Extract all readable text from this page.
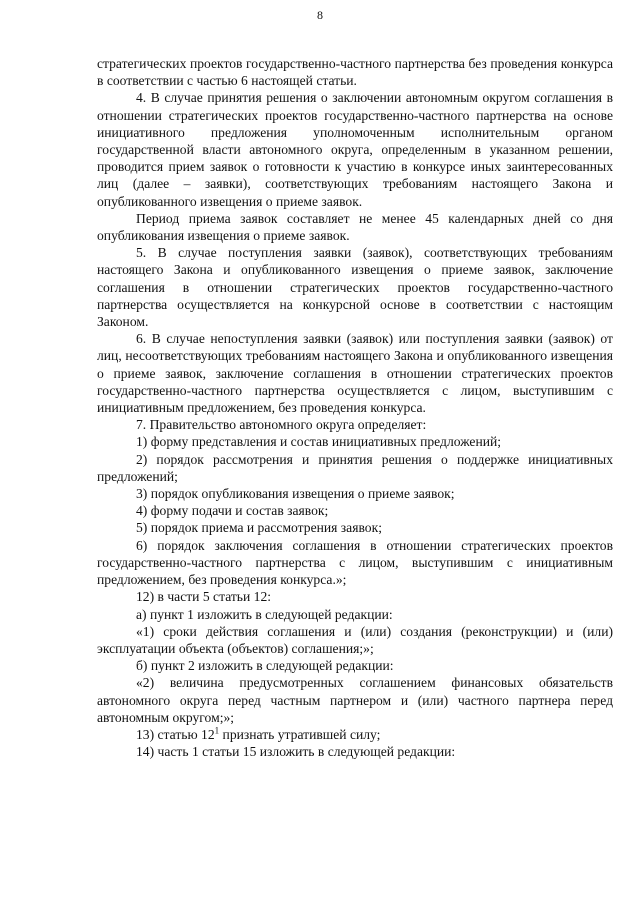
8

стратегических проектов государственно-частного партнерства без проведения конкурса в соответствии с частью 6 настоящей статьи.

4. В случае принятия решения о заключении автономным округом соглашения в отношении стратегических проектов государственно-частного партнерства на основе инициативного предложения уполномоченным исполнительным органом государственной власти автономного округа, определенным в указанном решении, проводится прием заявок о готовности к участию в конкурсе иных заинтересованных лиц (далее – заявки), соответствующих требованиям настоящего Закона и опубликованного извещения о приеме заявок.

Период приема заявок составляет не менее 45 календарных дней со дня опубликования извещения о приеме заявок.

5. В случае поступления заявки (заявок), соответствующих требованиям настоящего Закона и опубликованного извещения о приеме заявок, заключение соглашения в отношении стратегических проектов государственно-частного партнерства осуществляется на конкурсной основе в соответствии с настоящим Законом.

6. В случае непоступления заявки (заявок) или поступления заявки (заявок) от лиц, несоответствующих требованиям настоящего Закона и опубликованного извещения о приеме заявок, заключение соглашения в отношении стратегических проектов государственно-частного партнерства осуществляется с лицом, выступившим с инициативным предложением, без проведения конкурса.

7. Правительство автономного округа определяет:

1) форму представления и состав инициативных предложений;

2) порядок рассмотрения и принятия решения о поддержке инициативных предложений;

3) порядок опубликования извещения о приеме заявок;

4) форму подачи и состав заявок;

5) порядок приема и рассмотрения заявок;

6) порядок заключения соглашения в отношении стратегических проектов государственно-частного партнерства с лицом, выступившим с инициативным предложением, без проведения конкурса.»;

12) в части 5 статьи 12:

а) пункт 1 изложить в следующей редакции:

«1) сроки действия соглашения и (или) создания (реконструкции) и (или) эксплуатации объекта (объектов) соглашения;»;

б) пункт 2 изложить в следующей редакции:

«2) величина предусмотренных соглашением финансовых обязательств автономного округа перед частным партнером и (или) частного партнера перед автономным округом;»;

13) статью $12^1$ признать утратившей силу;

14) часть 1 статьи 15 изложить в следующей редакции:
